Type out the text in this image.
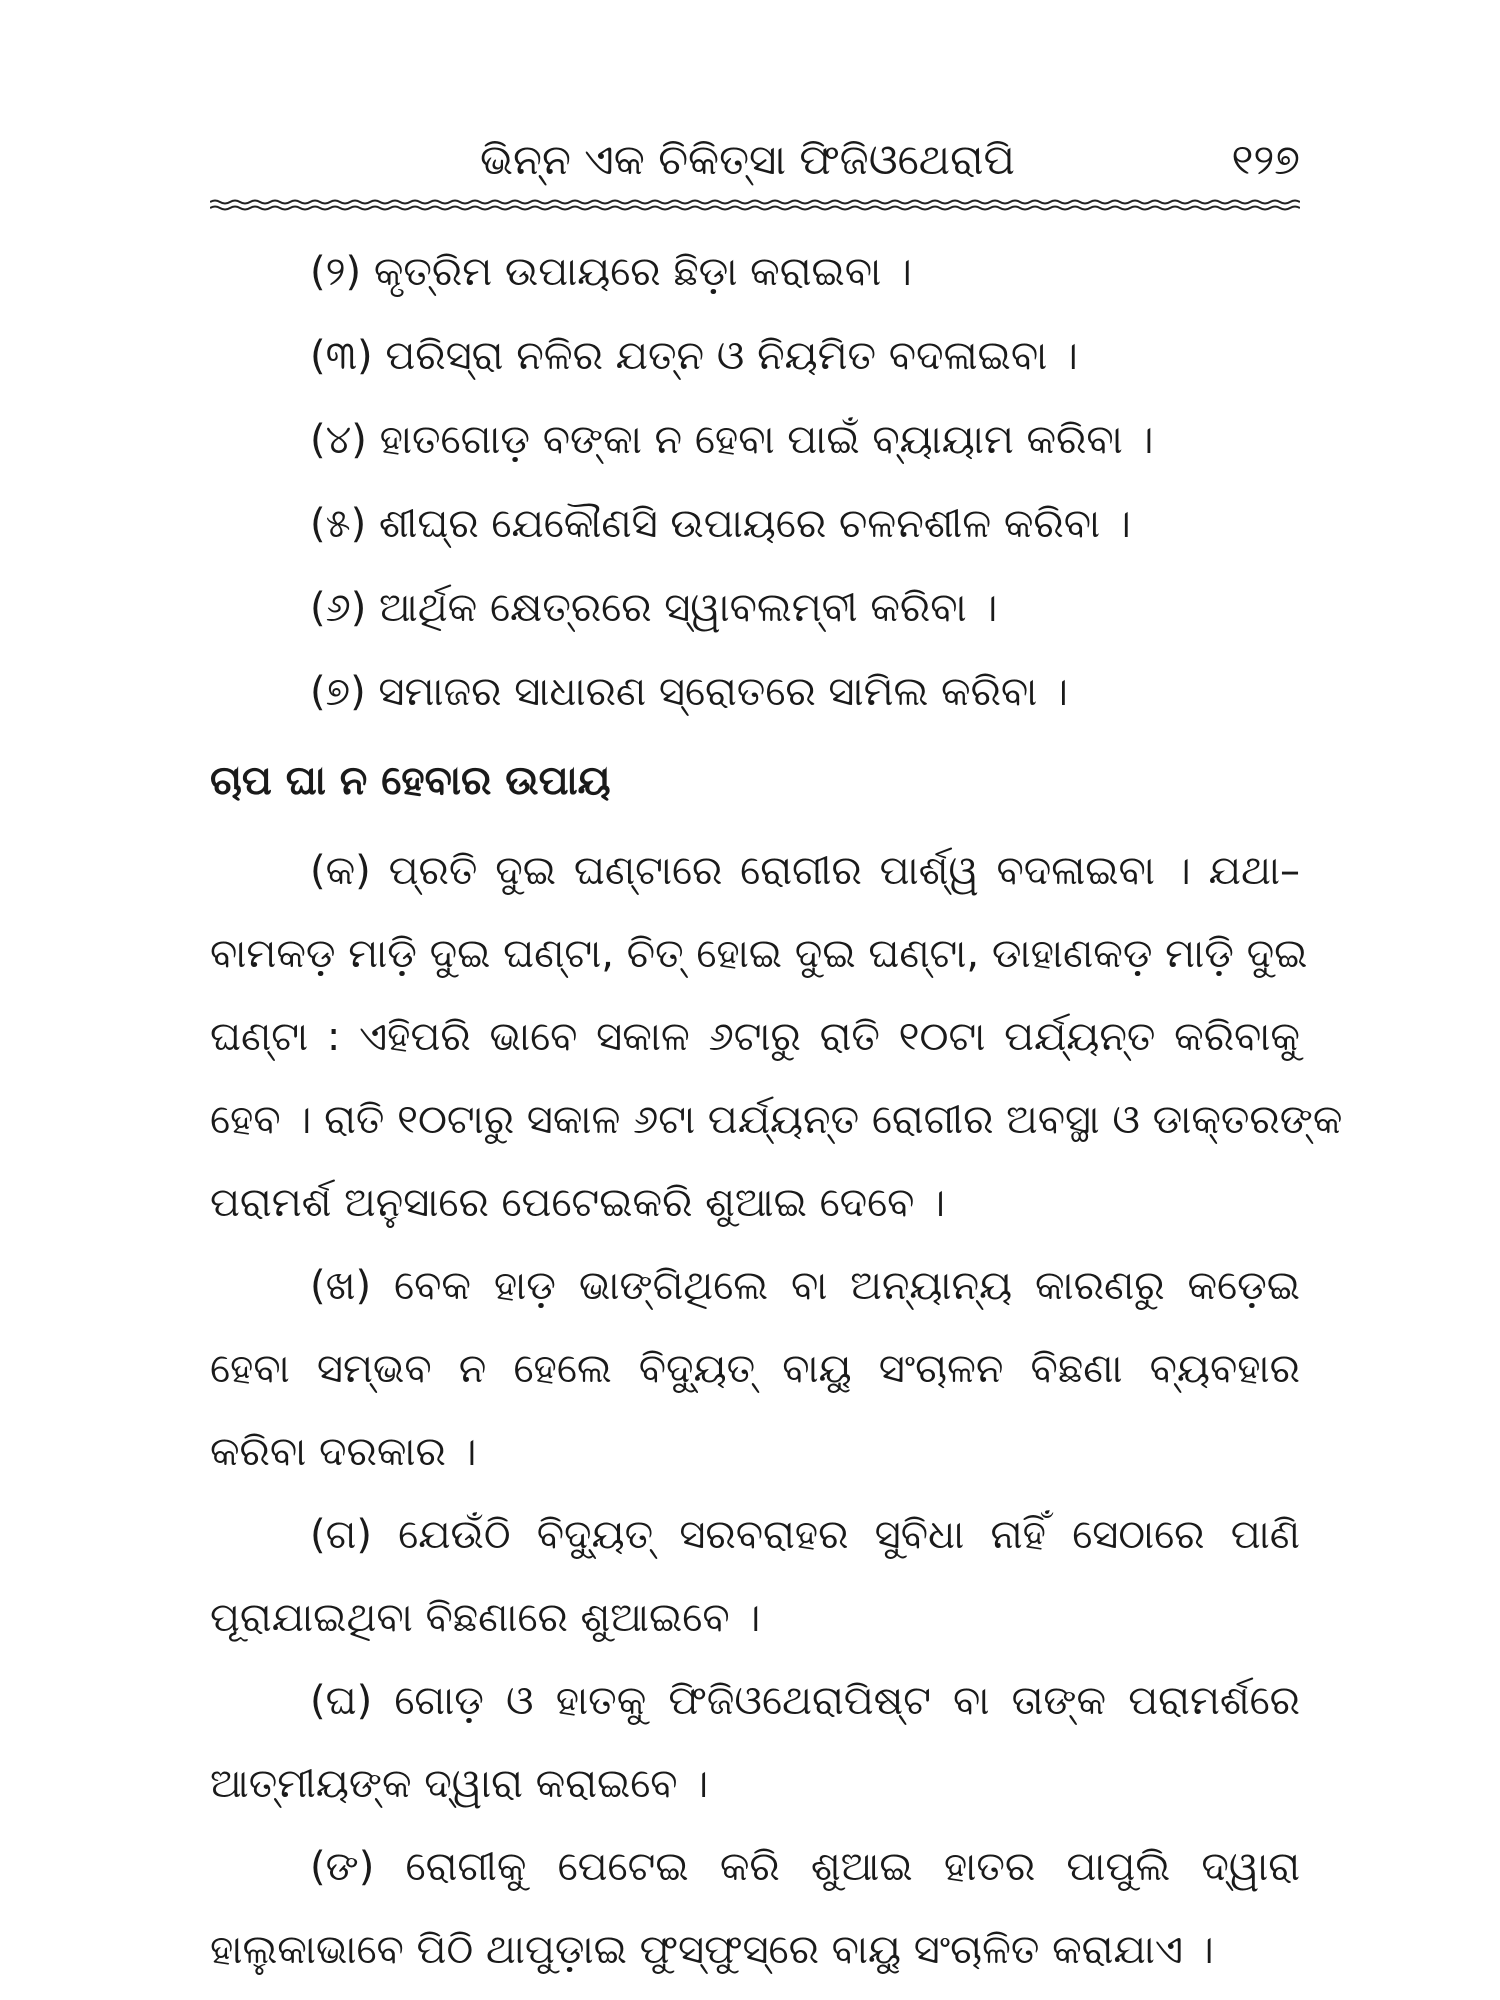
ଭିନ୍ନ ଏକ ଚିକିତ୍ସା ଫିଜିଓଥେରାପି	୧୨୭
(୨) କୃତ୍ରିମ ଉପାୟରେ ଛିଡ଼ା କରାଇବା ।
(୩) ପରିସ୍ରା ନଳିର ଯତ୍ନ ଓ ନିୟମିତ ବଦଳାଇବା ।
(୪) ହାତଗୋଡ଼ ବଙ୍କା ନ ହେବା ପାଇଁ ବ୍ୟାୟାମ କରିବା ।
(୫) ଶୀଘ୍ର ଯେକୌଣସି ଉପାୟରେ ଚଳନଶୀଳ କରିବା ।
(୬) ଆର୍ଥିକ କ୍ଷେତ୍ରରେ ସ୍ୱାବଲମ୍ବୀ କରିବା ।
(୭) ସମାଜର ସାଧାରଣ ସ୍ରୋତରେ ସାମିଲ କରିବା ।
ଚାପ ଘା ନ ହେବାର ଉପାୟ

(କ) ପ୍ରତି ଦୁଇ ଘଣ୍ଟାରେ ରୋଗୀର ପାର୍ଶ୍ୱ ବଦଳାଇବା । ଯଥା–
ବାମକଡ଼ ମାଡ଼ି ଦୁଇ ଘଣ୍ଟା, ଚିତ୍ ହୋଇ ଦୁଇ ଘଣ୍ଟା, ଡାହାଣକଡ଼ ମାଡ଼ି ଦୁଇ
ଘଣ୍ଟା : ଏହିପରି ଭାବେ ସକାଳ ୬ଟାରୁ ରାତି ୧୦ଟା ପର୍ଯ୍ୟନ୍ତ କରିବାକୁ
ହେବ । ରାତି ୧୦ଟାରୁ ସକାଳ ୬ଟା ପର୍ଯ୍ୟନ୍ତ ରୋଗୀର ଅବସ୍ଥା ଓ ଡାକ୍ତରଙ୍କ
ପରାମର୍ଶ ଅନୁସାରେ ପେଟେଇକରି ଶୁଆଇ ଦେବେ ।

(ଖ) ବେକ ହାଡ଼ ଭାଙ୍ଗିଥିଲେ ବା ଅନ୍ୟାନ୍ୟ କାରଣରୁ କଡ଼େଇ
ହେବା ସମ୍ଭବ ନ ହେଲେ ବିଦ୍ୟୁତ୍ ବାୟୁ ସଂଚାଳନ ବିଛଣା ବ୍ୟବହାର
କରିବା ଦରକାର ।

(ଗ) ଯେଉଁଠି ବିଦ୍ୟୁତ୍ ସରବରାହର ସୁବିଧା ନାହିଁ ସେଠାରେ ପାଣି
ପୂରାଯାଇଥିବା ବିଛଣାରେ ଶୁଆଇବେ ।

(ଘ) ଗୋଡ଼ ଓ ହାତକୁ ଫିଜିଓଥେରାପିଷ୍ଟ ବା ତାଙ୍କ ପରାମର୍ଶରେ
ଆତ୍ମୀୟଙ୍କ ଦ୍ୱାରା କରାଇବେ ।

(ଙ) ରୋଗୀକୁ ପେଟେଇ କରି ଶୁଆଇ ହାତର ପାପୁଲି ଦ୍ୱାରା
ହାଲୁକାଭାବେ ପିଠି ଥାପୁଡ଼ାଇ ଫୁସ୍‌ଫୁସ୍‌ରେ ବାୟୁ ସଂଚାଳିତ କରାଯାଏ ।
